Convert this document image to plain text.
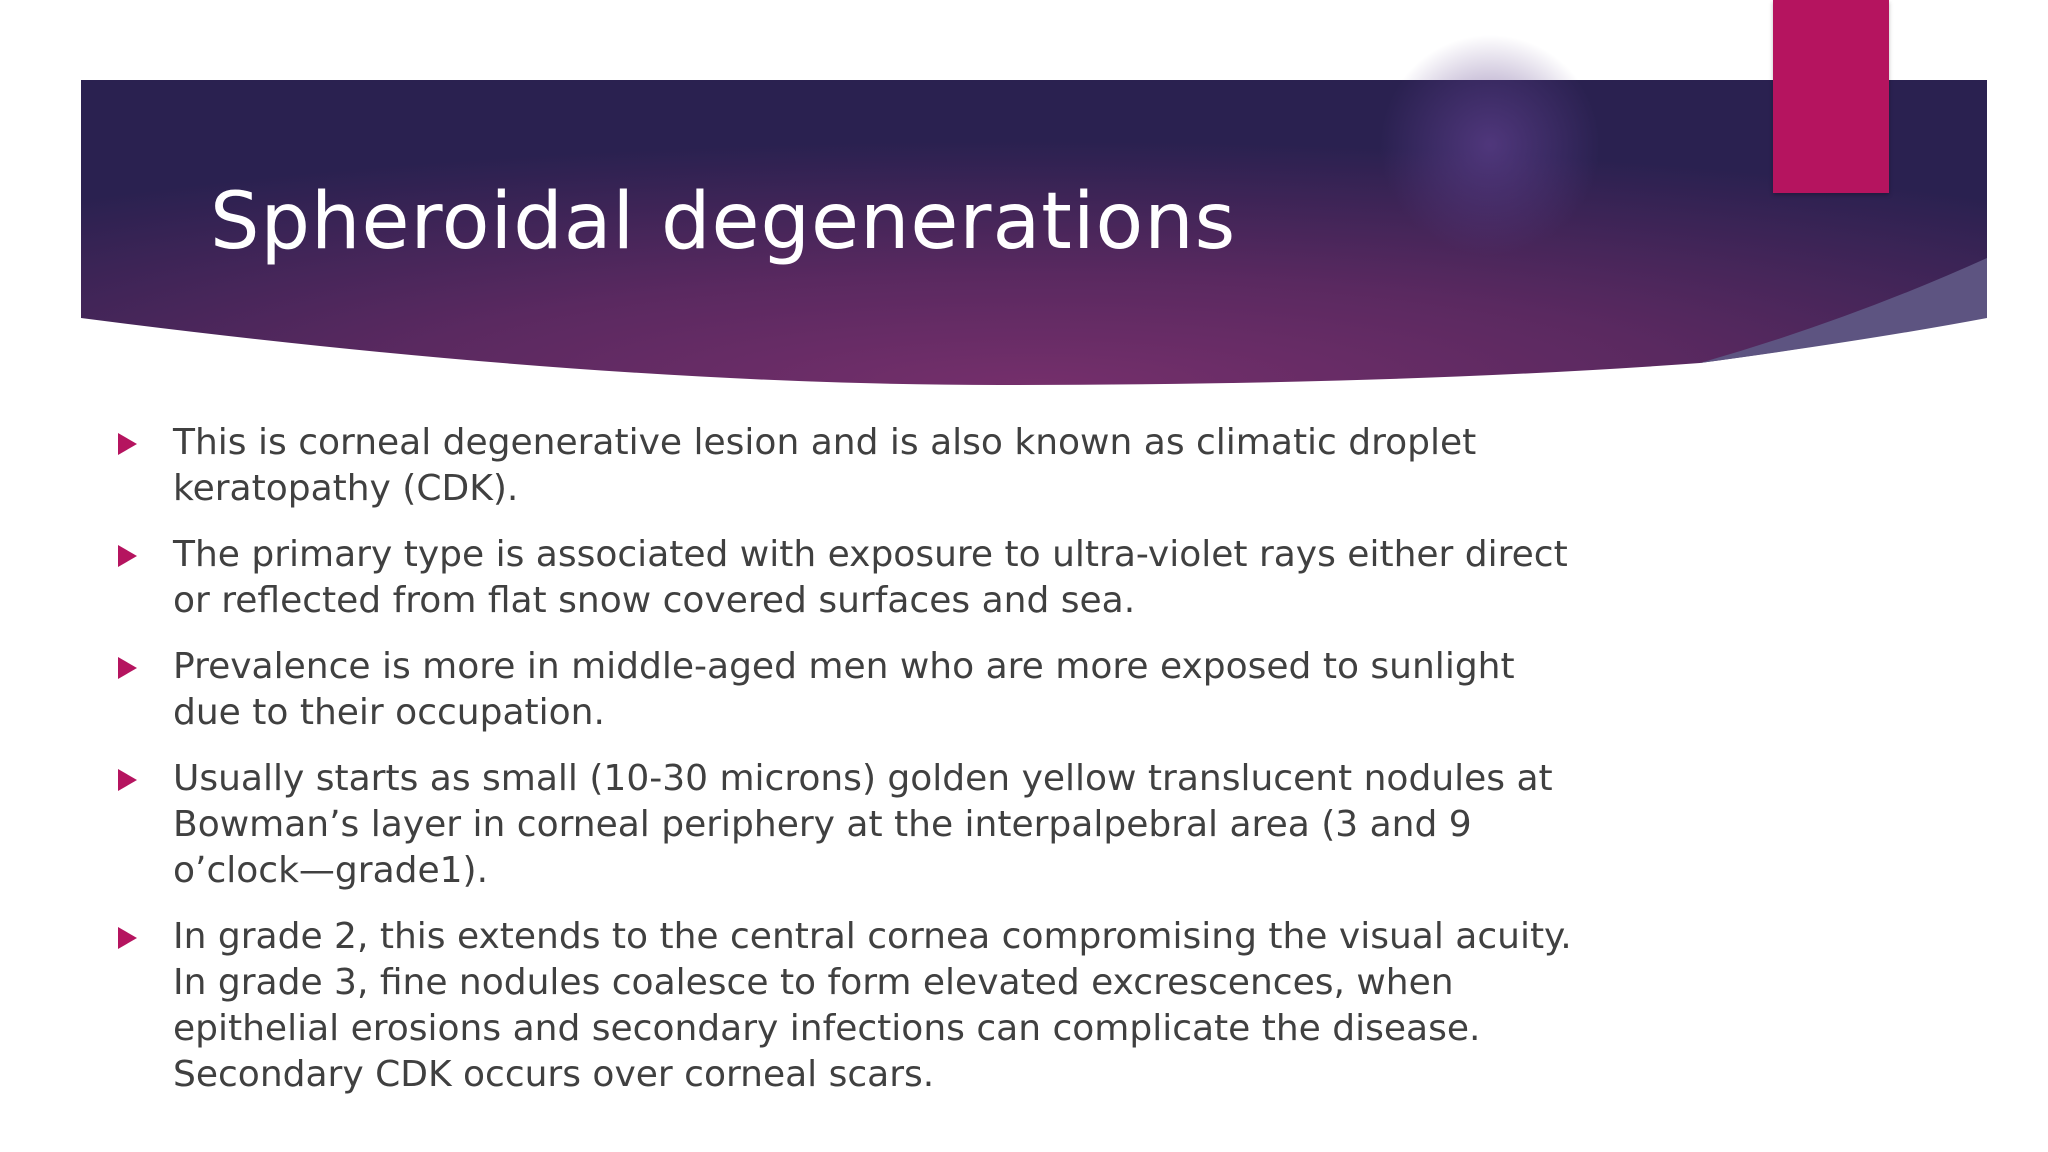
Spheroidal degenerations
This is corneal degenerative lesion and is also known as climatic droplet keratopathy (CDK).
The primary type is associated with exposure to ultra-violet rays either direct or reflected from flat snow covered surfaces and sea.
Prevalence is more in middle-aged men who are more exposed to sunlight due to their occupation.
Usually starts as small (10-30 microns) golden yellow translucent nodules at Bowman’s layer in corneal periphery at the interpalpebral area (3 and 9 o’clock—grade1).
In grade 2, this extends to the central cornea compromising the visual acuity. In grade 3, fine nodules coalesce to form elevated excrescences, when epithelial erosions and secondary infections can complicate the disease. Secondary CDK occurs over corneal scars.
